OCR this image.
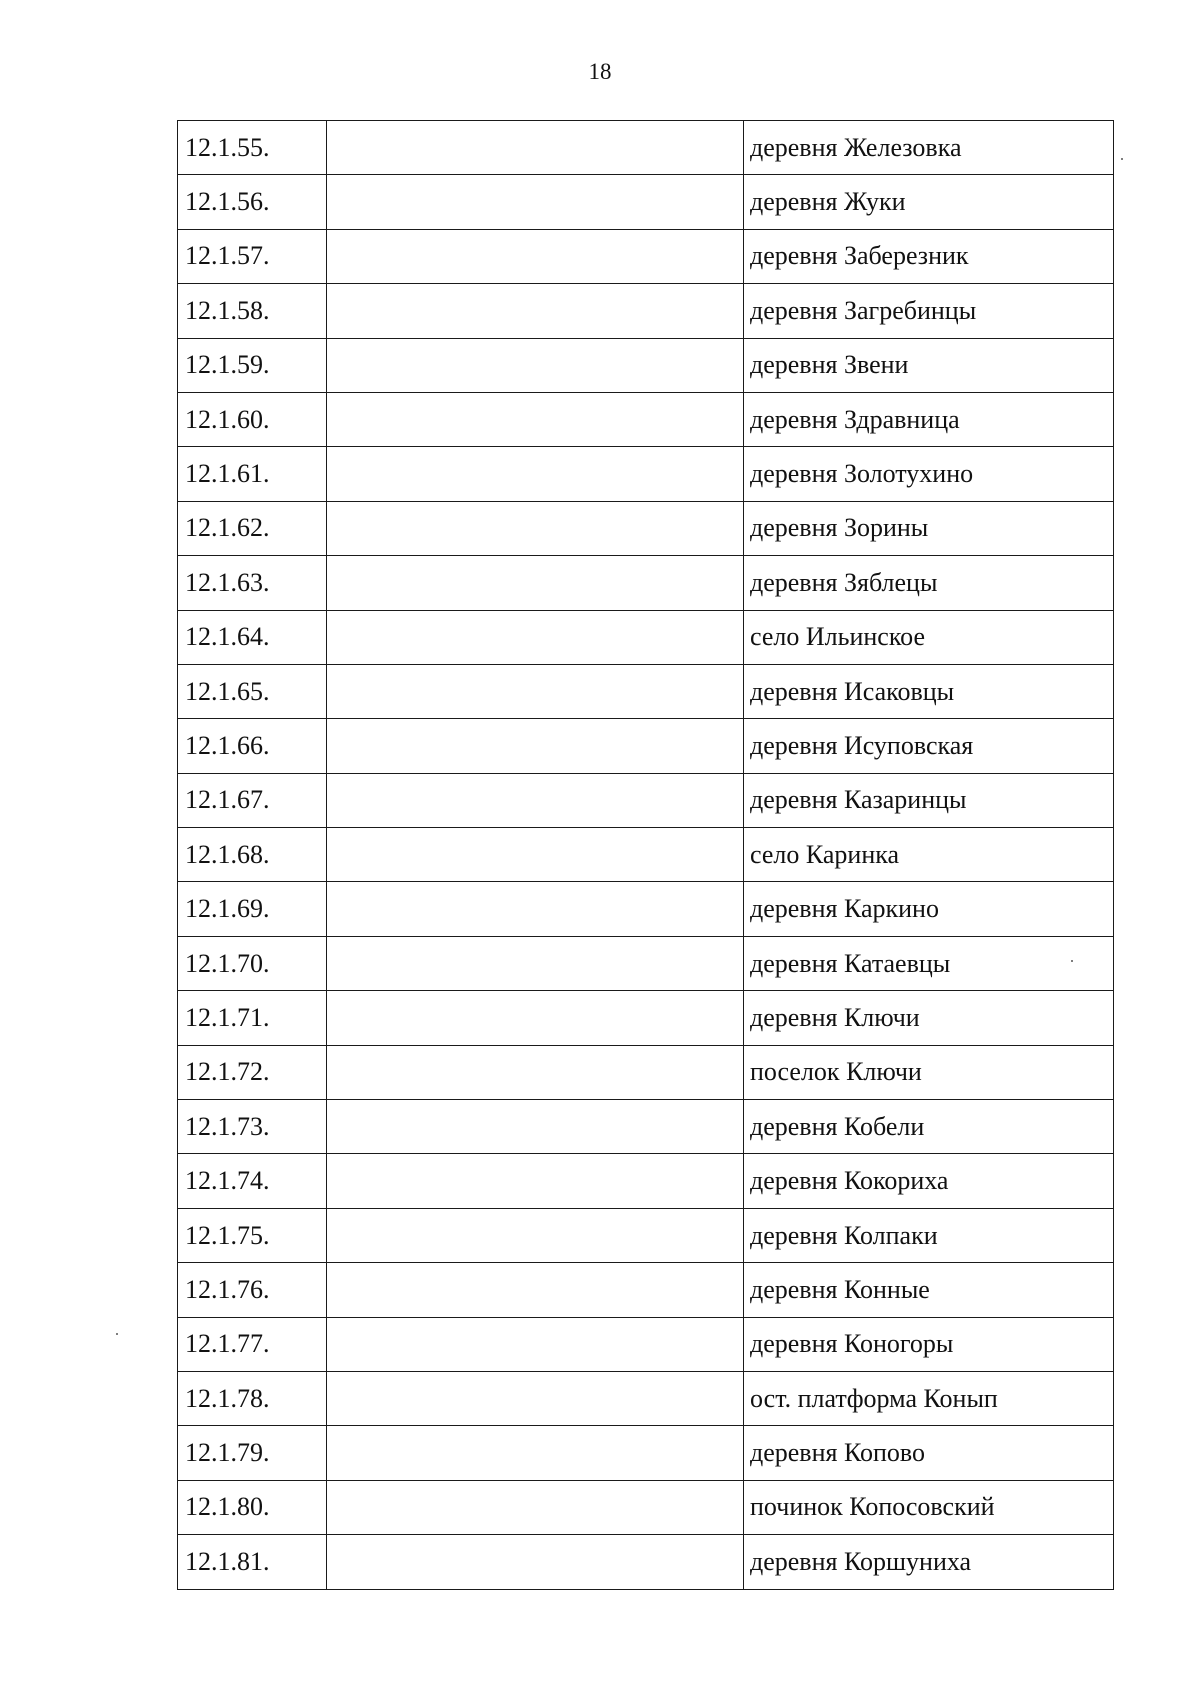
18
12.1.55.		деревня Железовка
12.1.56.		деревня Жуки
12.1.57.		деревня Заберезник
12.1.58.		деревня Загребинцы
12.1.59.		деревня Звени
12.1.60.		деревня Здравница
12.1.61.		деревня Золотухино
12.1.62.		деревня Зорины
12.1.63.		деревня Зяблецы
12.1.64.		село Ильинское
12.1.65.		деревня Исаковцы
12.1.66.		деревня Исуповская
12.1.67.		деревня Казаринцы
12.1.68.		село Каринка
12.1.69.		деревня Каркино
12.1.70.		деревня Катаевцы
12.1.71.		деревня Ключи
12.1.72.		поселок Ключи
12.1.73.		деревня Кобели
12.1.74.		деревня Кокориха
12.1.75.		деревня Колпаки
12.1.76.		деревня Конные
12.1.77.		деревня Коногоры
12.1.78.		ост. платформа Конып
12.1.79.		деревня Копово
12.1.80.		починок Копосовский
12.1.81.		деревня Коршуниха
